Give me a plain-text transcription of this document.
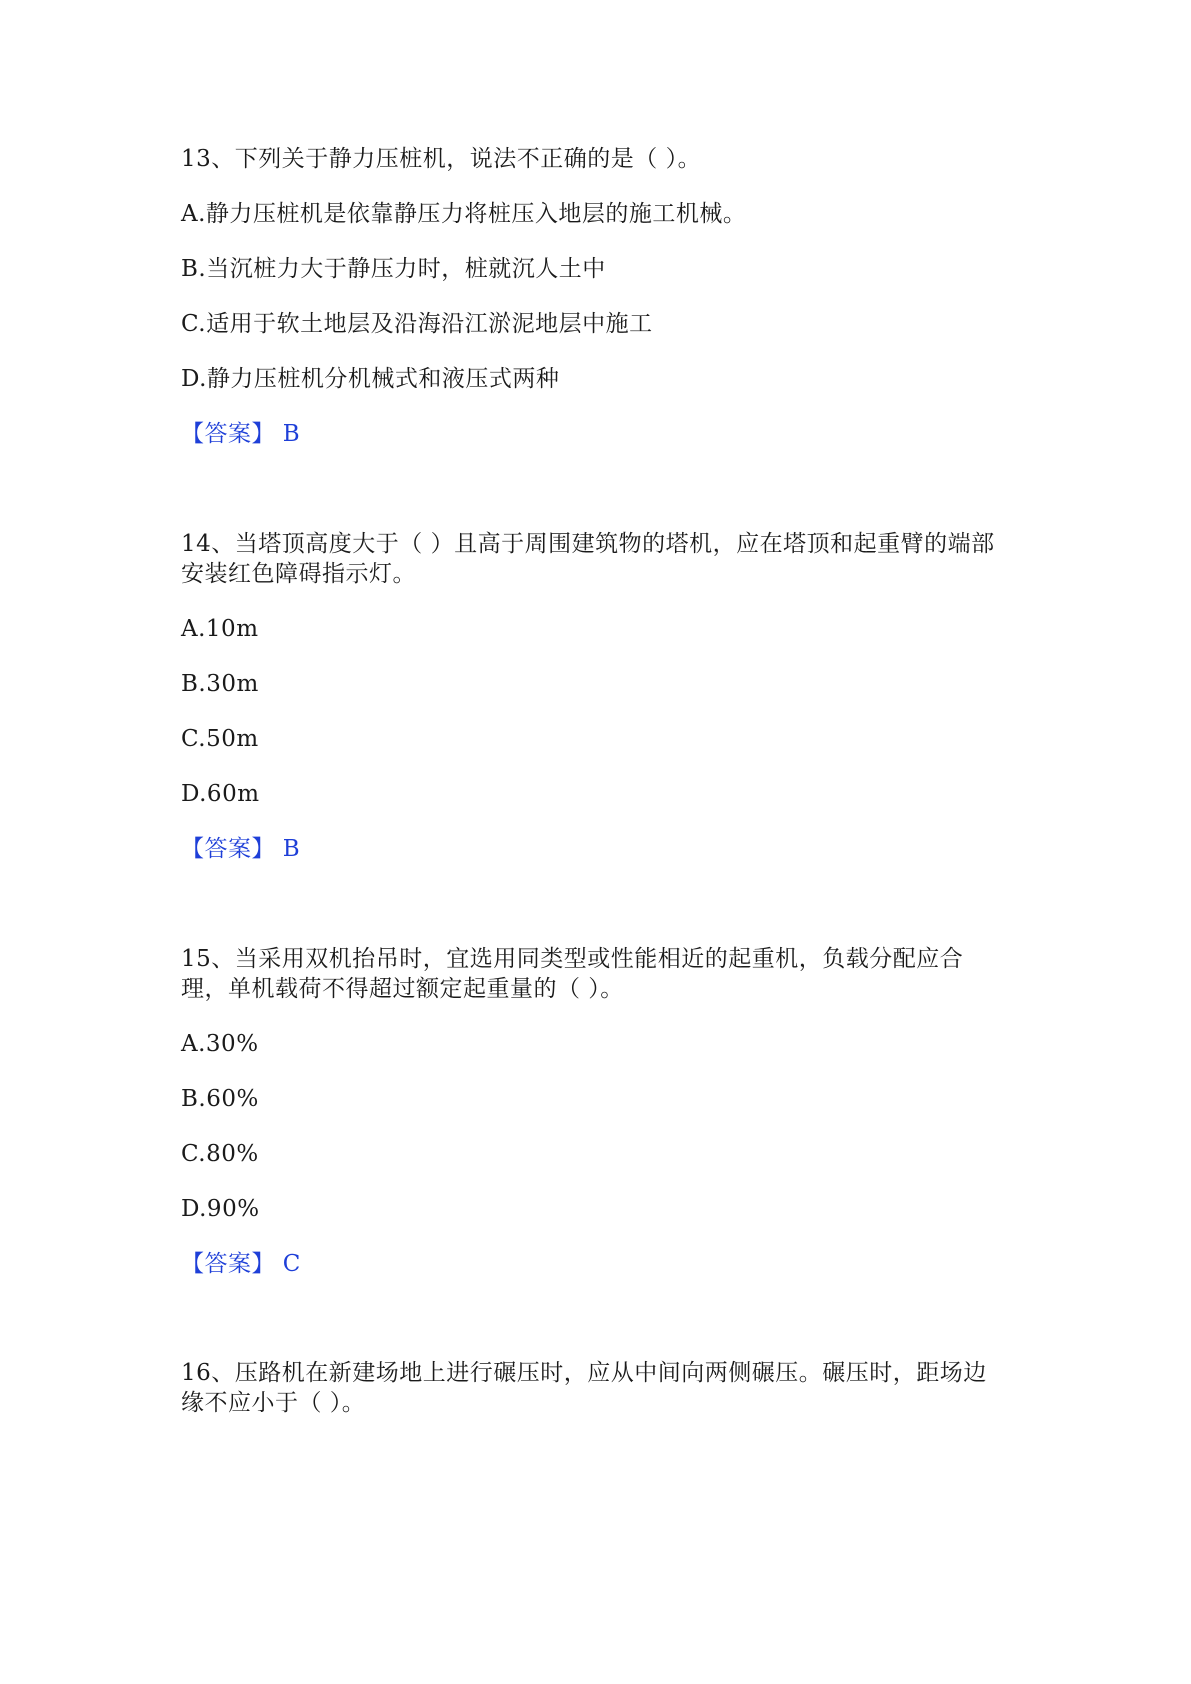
13、下列关于静力压桩机，说法不正确的是（ ）。
A.静力压桩机是依靠静压力将桩压入地层的施工机械。
B.当沉桩力大于静压力时，桩就沉人土中
C.适用于软土地层及沿海沿江淤泥地层中施工
D.静力压桩机分机械式和液压式两种
【答案】 B
14、当塔顶高度大于（ ）且高于周围建筑物的塔机，应在塔顶和起重臂的端部
安装红色障碍指示灯。
A.10m
B.30m
C.50m
D.60m
【答案】 B
15、当采用双机抬吊时，宜选用同类型或性能相近的起重机，负载分配应合
理，单机载荷不得超过额定起重量的（ ）。
A.30%
B.60%
C.80%
D.90%
【答案】 C
16、压路机在新建场地上进行碾压时，应从中间向两侧碾压。碾压时，距场边
缘不应小于（ ）。
